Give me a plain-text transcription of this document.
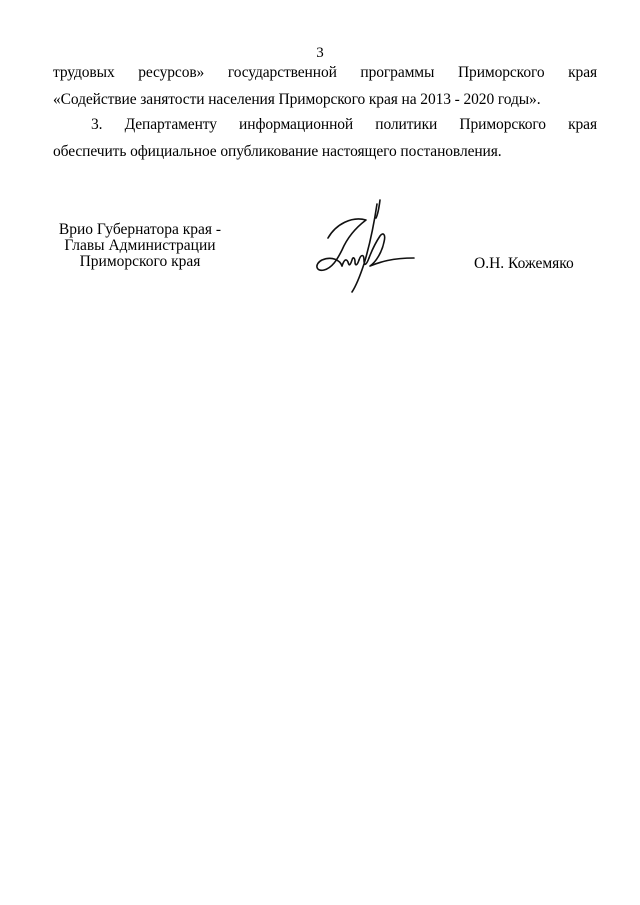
3
трудовых ресурсов» государственной программы Приморского края
«Содействие занятости населения Приморского края на 2013 - 2020 годы».
3. Департаменту информационной политики Приморского края
обеспечить официальное опубликование настоящего постановления.
Врио Губернатора края -
Главы Администрации
Приморского края	О.Н. Кожемяко
